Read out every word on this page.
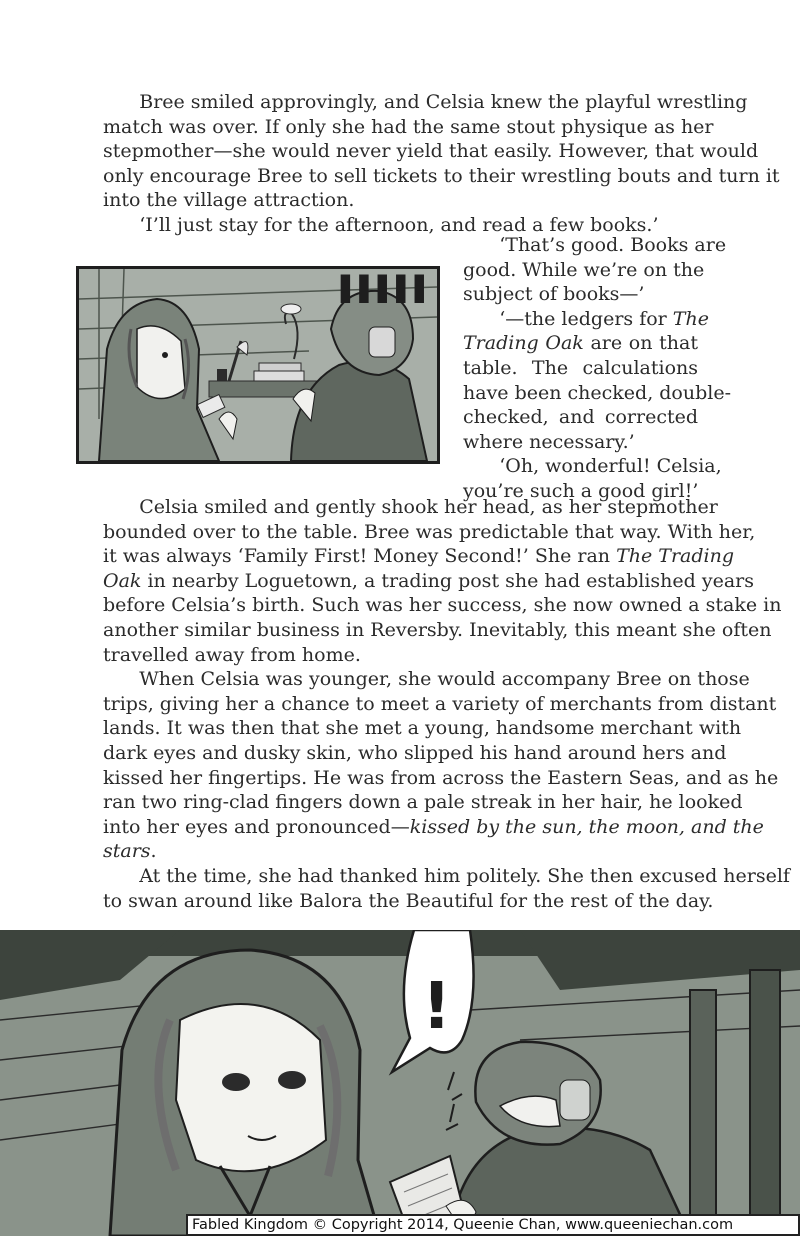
Bree smiled approvingly, and Celsia knew the playful wrestling
match was over. If only she had the same stout physique as her
stepmother—she would never yield that easily. However, that would
only encourage Bree to sell tickets to their wrestling bouts and turn it
into the village attraction.
‘I’ll just stay for the afternoon, and read a few books.’
‘That’s good. Books are
good. While we’re on the
subject of books—’
‘—the ledgers for The
Trading Oak are on that
table. The calculations
have been checked, double-
checked, and corrected
where necessary.’
‘Oh, wonderful! Celsia,
you’re such a good girl!’
Celsia smiled and gently shook her head, as her stepmother
bounded over to the table. Bree was predictable that way. With her,
it was always ‘Family First! Money Second!’ She ran The Trading
Oak in nearby Loguetown, a trading post she had established years
before Celsia’s birth. Such was her success, she now owned a stake in
another similar business in Reversby. Inevitably, this meant she often
travelled away from home.
When Celsia was younger, she would accompany Bree on those
trips, giving her a chance to meet a variety of merchants from distant
lands. It was then that she met a young, handsome merchant with
dark eyes and dusky skin, who slipped his hand around hers and
kissed her fingertips. He was from across the Eastern Seas, and as he
ran two ring-clad fingers down a pale streak in her hair, he looked
into her eyes and pronounced—kissed by the sun, the moon, and the
stars.
At the time, she had thanked him politely. She then excused herself
to swan around like Balora the Beautiful for the rest of the day.
▌▌▌▌▌
!
Fabled Kingdom © Copyright 2014, Queenie Chan, www.queeniechan.com
